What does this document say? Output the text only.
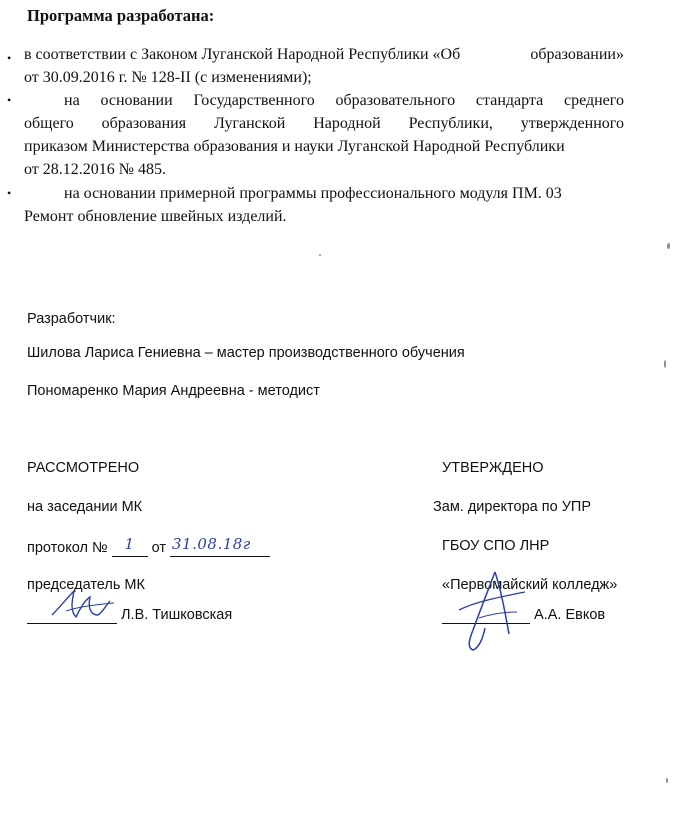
Программа разработана:
• в соответствии с Законом Луганской Народной Республики «Об	образовании»
от 30.09.2016 г. № 128-II (с изменениями);
•	на основании Государственного образовательного стандарта среднего
общего образования Луганской Народной Республики, утвержденного
приказом Министерства образования и науки Луганской Народной Республики
от 28.12.2016 № 485.
•	на основании примерной программы профессионального модуля ПМ. 03
Ремонт обновление швейных изделий.
Разработчик:
Шилова Лариса Гениевна – мастер производственного обучения
Пономаренко Мария Андреевна - методист
РАССМОТРЕНО
на заседании МК
протокол № 1 от 31.08.18г
председатель МК
Л.В. Тишковская
УТВЕРЖДЕНО
Зам. директора по УПР
ГБОУ СПО ЛНР
«Первомайский колледж»
А.А. Евков
